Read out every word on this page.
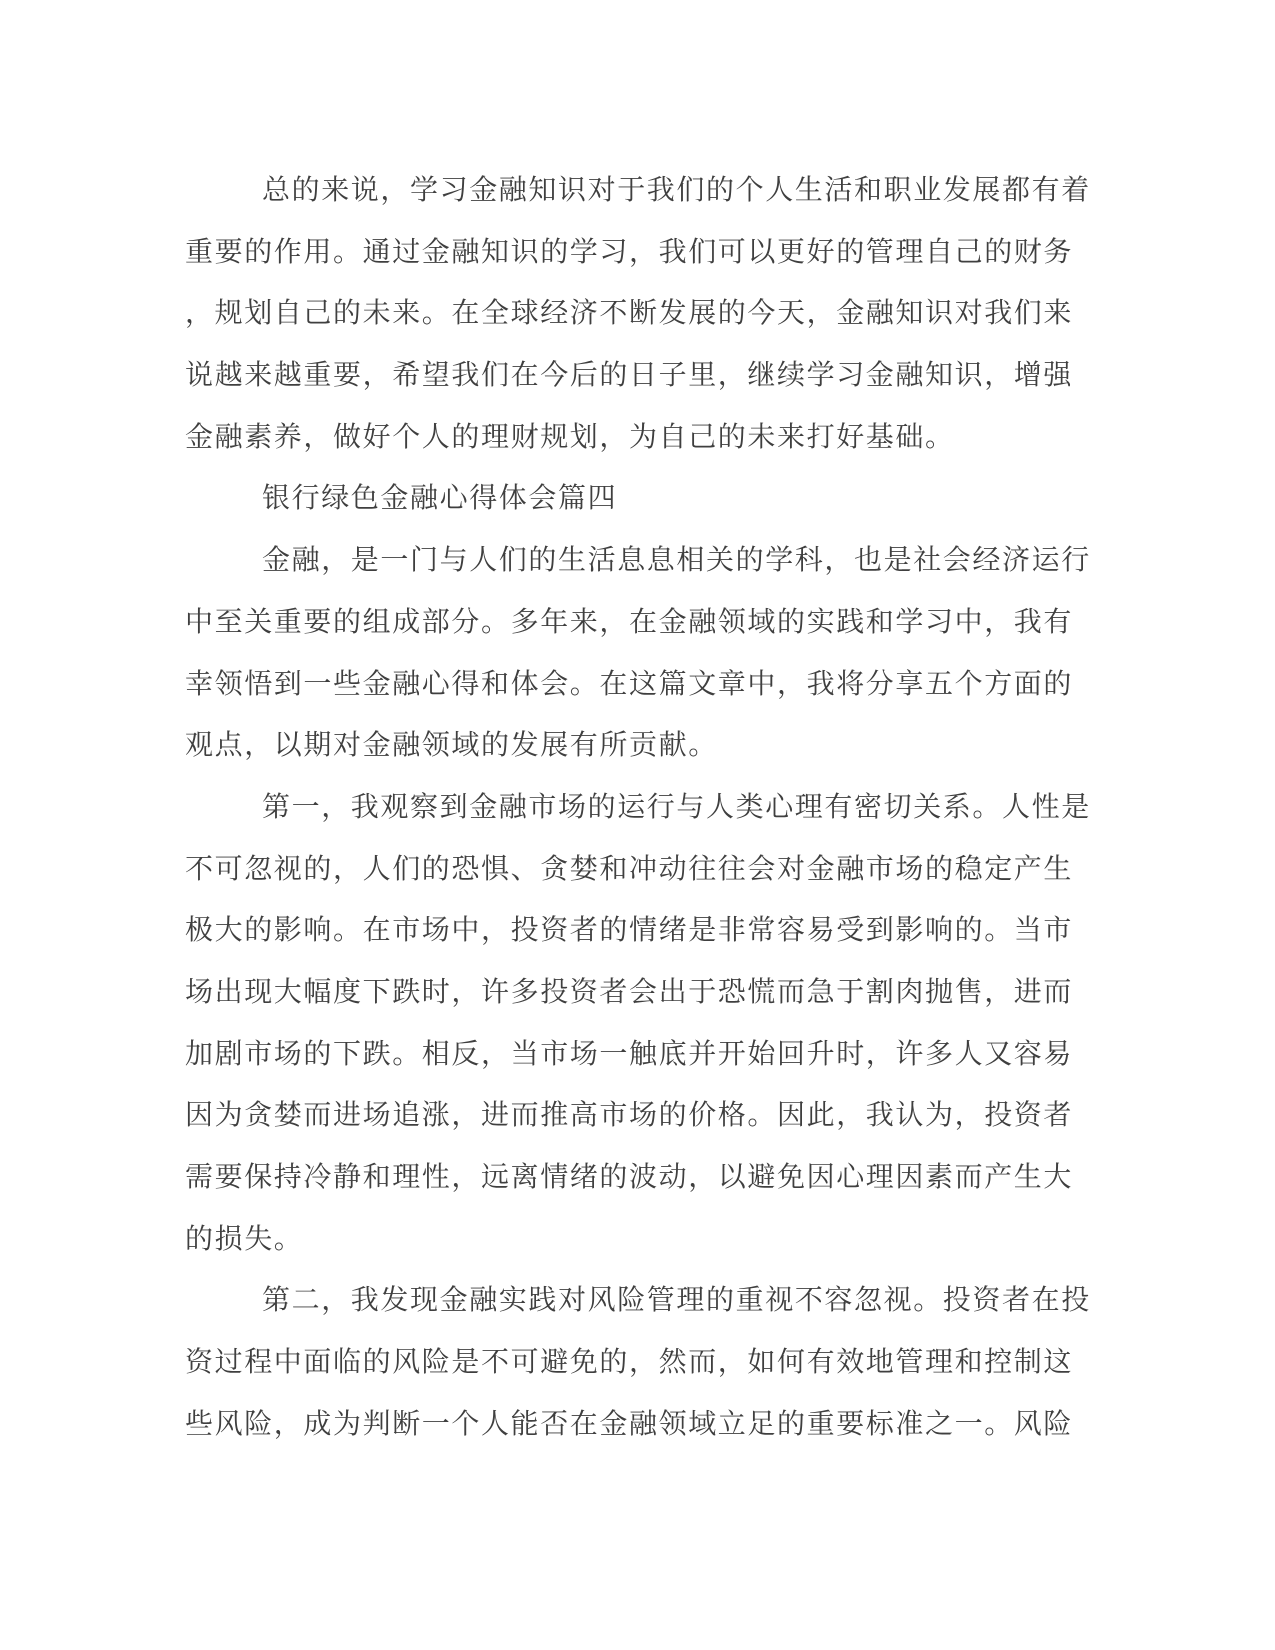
总的来说，学习金融知识对于我们的个人生活和职业发展都有着
重要的作用。通过金融知识的学习，我们可以更好的管理自己的财务
，规划自己的未来。在全球经济不断发展的今天，金融知识对我们来
说越来越重要，希望我们在今后的日子里，继续学习金融知识，增强
金融素养，做好个人的理财规划，为自己的未来打好基础。
银行绿色金融心得体会篇四
金融，是一门与人们的生活息息相关的学科，也是社会经济运行
中至关重要的组成部分。多年来，在金融领域的实践和学习中，我有
幸领悟到一些金融心得和体会。在这篇文章中，我将分享五个方面的
观点，以期对金融领域的发展有所贡献。
第一，我观察到金融市场的运行与人类心理有密切关系。人性是
不可忽视的，人们的恐惧、贪婪和冲动往往会对金融市场的稳定产生
极大的影响。在市场中，投资者的情绪是非常容易受到影响的。当市
场出现大幅度下跌时，许多投资者会出于恐慌而急于割肉抛售，进而
加剧市场的下跌。相反，当市场一触底并开始回升时，许多人又容易
因为贪婪而进场追涨，进而推高市场的价格。因此，我认为，投资者
需要保持冷静和理性，远离情绪的波动，以避免因心理因素而产生大
的损失。
第二，我发现金融实践对风险管理的重视不容忽视。投资者在投
资过程中面临的风险是不可避免的，然而，如何有效地管理和控制这
些风险，成为判断一个人能否在金融领域立足的重要标准之一。风险
